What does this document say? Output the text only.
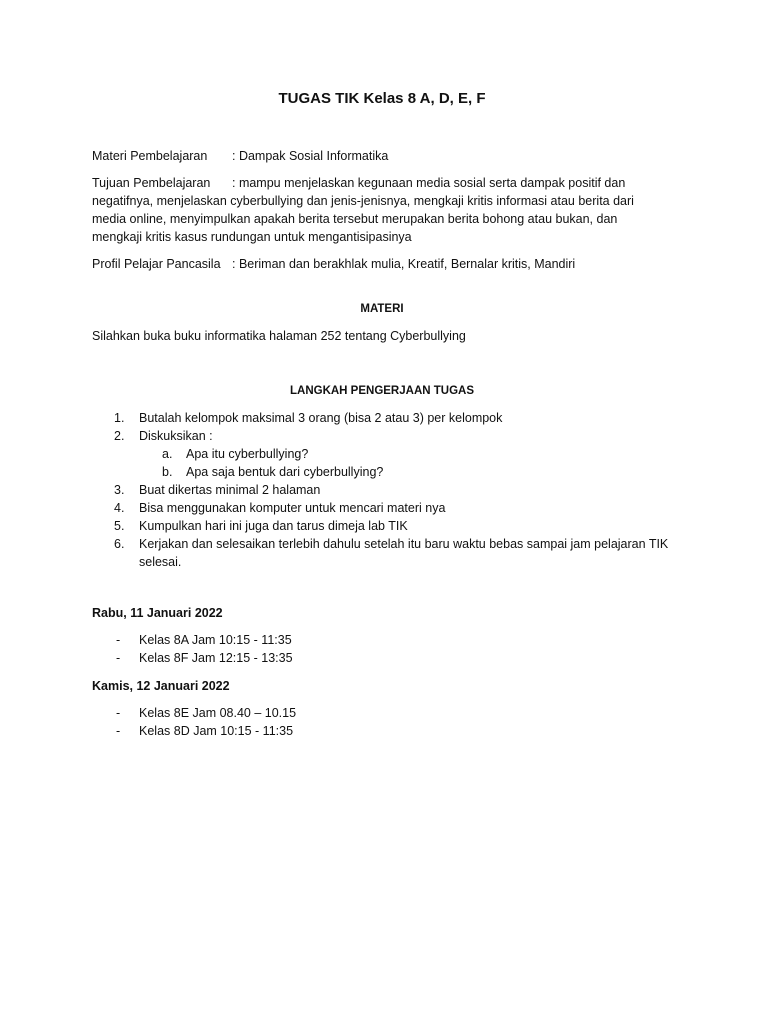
TUGAS TIK Kelas 8 A, D, E, F
Materi Pembelajaran : Dampak Sosial Informatika
Tujuan Pembelajaran : mampu menjelaskan kegunaan media sosial serta dampak positif dan negatifnya, menjelaskan cyberbullying dan jenis-jenisnya, mengkaji kritis informasi atau berita dari media online, menyimpulkan apakah berita tersebut merupakan berita bohong atau bukan, dan mengkaji kritis kasus rundungan untuk mengantisipasinya
Profil Pelajar Pancasila : Beriman dan berakhlak mulia, Kreatif, Bernalar kritis, Mandiri
MATERI
Silahkan buka buku informatika halaman 252 tentang Cyberbullying
LANGKAH PENGERJAAN TUGAS
1. Butalah kelompok maksimal 3 orang (bisa 2 atau 3) per kelompok
2. Diskuksikan :
a. Apa itu cyberbullying?
b. Apa saja bentuk dari cyberbullying?
3. Buat dikertas minimal 2 halaman
4. Bisa menggunakan komputer untuk mencari materi nya
5. Kumpulkan hari ini juga dan tarus dimeja lab TIK
6. Kerjakan dan selesaikan terlebih dahulu setelah itu baru waktu bebas sampai jam pelajaran TIK selesai.
Rabu, 11 Januari 2022
- Kelas 8A Jam 10:15 - 11:35
- Kelas 8F Jam 12:15 - 13:35
Kamis, 12 Januari 2022
- Kelas 8E Jam 08.40 – 10.15
- Kelas 8D Jam 10:15 - 11:35
